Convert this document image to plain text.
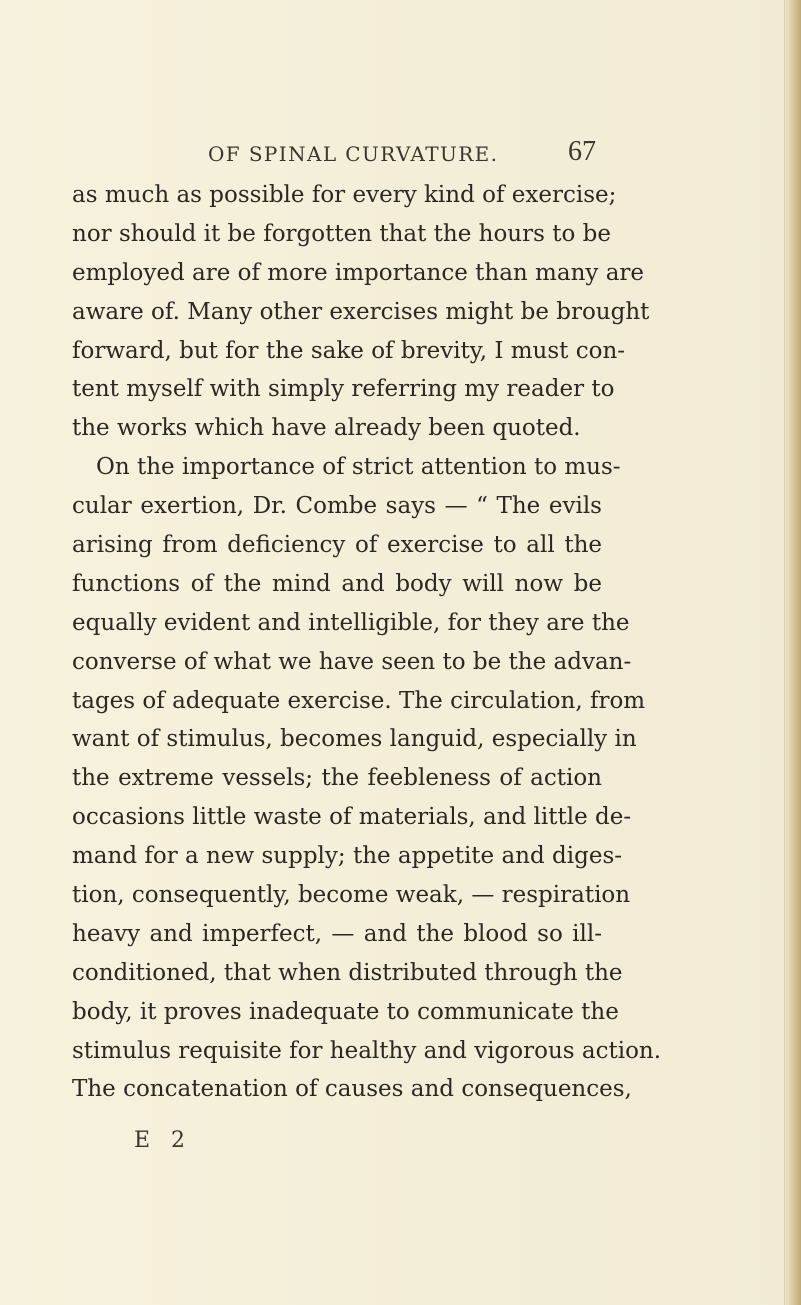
OF SPINAL CURVATURE. 67
as much as possible for every kind of exercise;
nor should it be forgotten that the hours to be
employed are of more importance than many are
aware of. Many other exercises might be brought
forward, but for the sake of brevity, I must con-
tent myself with simply referring my reader to
the works which have already been quoted.
On the importance of strict attention to mus-
cular exertion, Dr. Combe says — “ The evils
arising from deficiency of exercise to all the
functions of the mind and body will now be
equally evident and intelligible, for they are the
converse of what we have seen to be the advan-
tages of adequate exercise. The circulation, from
want of stimulus, becomes languid, especially in
the extreme vessels; the feebleness of action
occasions little waste of materials, and little de-
mand for a new supply; the appetite and diges-
tion, consequently, become weak, — respiration
heavy and imperfect, — and the blood so ill-
conditioned, that when distributed through the
body, it proves inadequate to communicate the
stimulus requisite for healthy and vigorous action.
The concatenation of causes and consequences,
E 2
